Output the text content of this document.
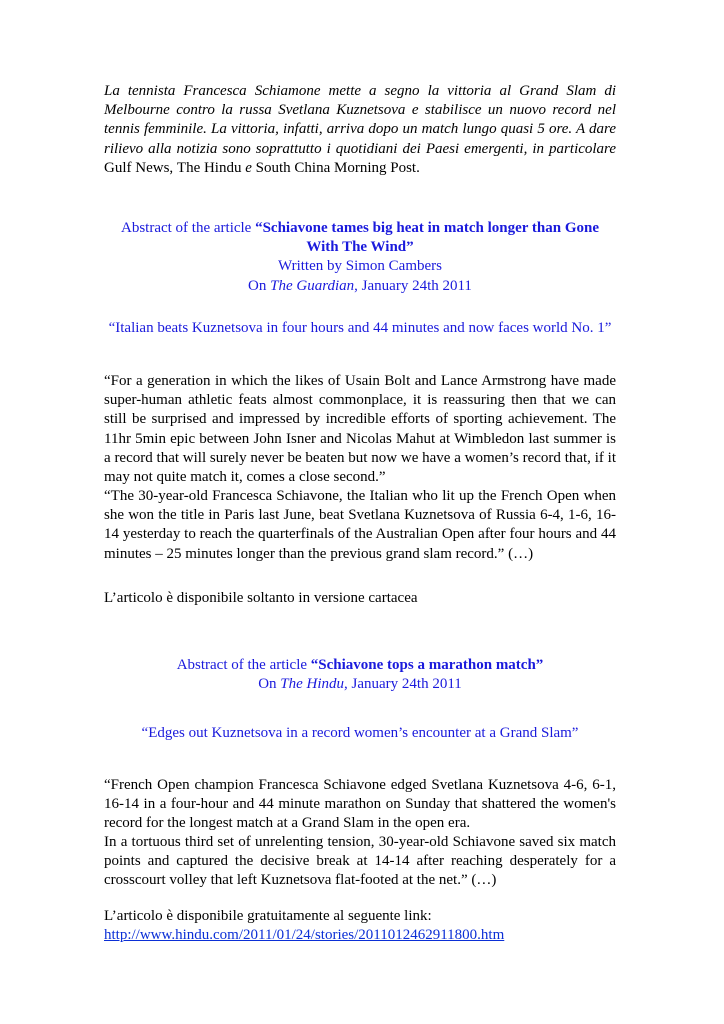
La tennista Francesca Schiamone mette a segno la vittoria al Grand Slam di Melbourne contro la russa Svetlana Kuznetsova e stabilisce un nuovo record nel tennis femminile. La vittoria, infatti, arriva dopo un match lungo quasi 5 ore. A dare rilievo alla notizia sono soprattutto i quotidiani dei Paesi emergenti, in particolare Gulf News, The Hindu e South China Morning Post.

Abstract of the article “Schiavone tames big heat in match longer than Gone With The Wind”

Written by Simon Cambers

On The Guardian, January 24th 2011

“Italian beats Kuznetsova in four hours and 44 minutes and now faces world No. 1”

“For a generation in which the likes of Usain Bolt and Lance Armstrong have made super-human athletic feats almost commonplace, it is reassuring then that we can still be surprised and impressed by incredible efforts of sporting achievement. The 11hr 5min epic between John Isner and Nicolas Mahut at Wimbledon last summer is a record that will surely never be beaten but now we have a women’s record that, if it may not quite match it, comes a close second.”

“The 30-year-old Francesca Schiavone, the Italian who lit up the French Open when she won the title in Paris last June, beat Svetlana Kuznetsova of Russia 6-4, 1-6, 16-14 yesterday to reach the quarterfinals of the Australian Open after four hours and 44 minutes – 25 minutes longer than the previous grand slam record.” (…)

L’articolo è disponibile soltanto in versione cartacea

Abstract of the article “Schiavone tops a marathon match”

On The Hindu, January 24th 2011

“Edges out Kuznetsova in a record women’s encounter at a Grand Slam”

“French Open champion Francesca Schiavone edged Svetlana Kuznetsova 4-6, 6-1, 16-14 in a four-hour and 44 minute marathon on Sunday that shattered the women's record for the longest match at a Grand Slam in the open era.

In a tortuous third set of unrelenting tension, 30-year-old Schiavone saved six match points and captured the decisive break at 14-14 after reaching desperately for a crosscourt volley that left Kuznetsova flat-footed at the net.” (…)

L’articolo è disponibile gratuitamente al seguente link:

http://www.hindu.com/2011/01/24/stories/2011012462911800.htm
